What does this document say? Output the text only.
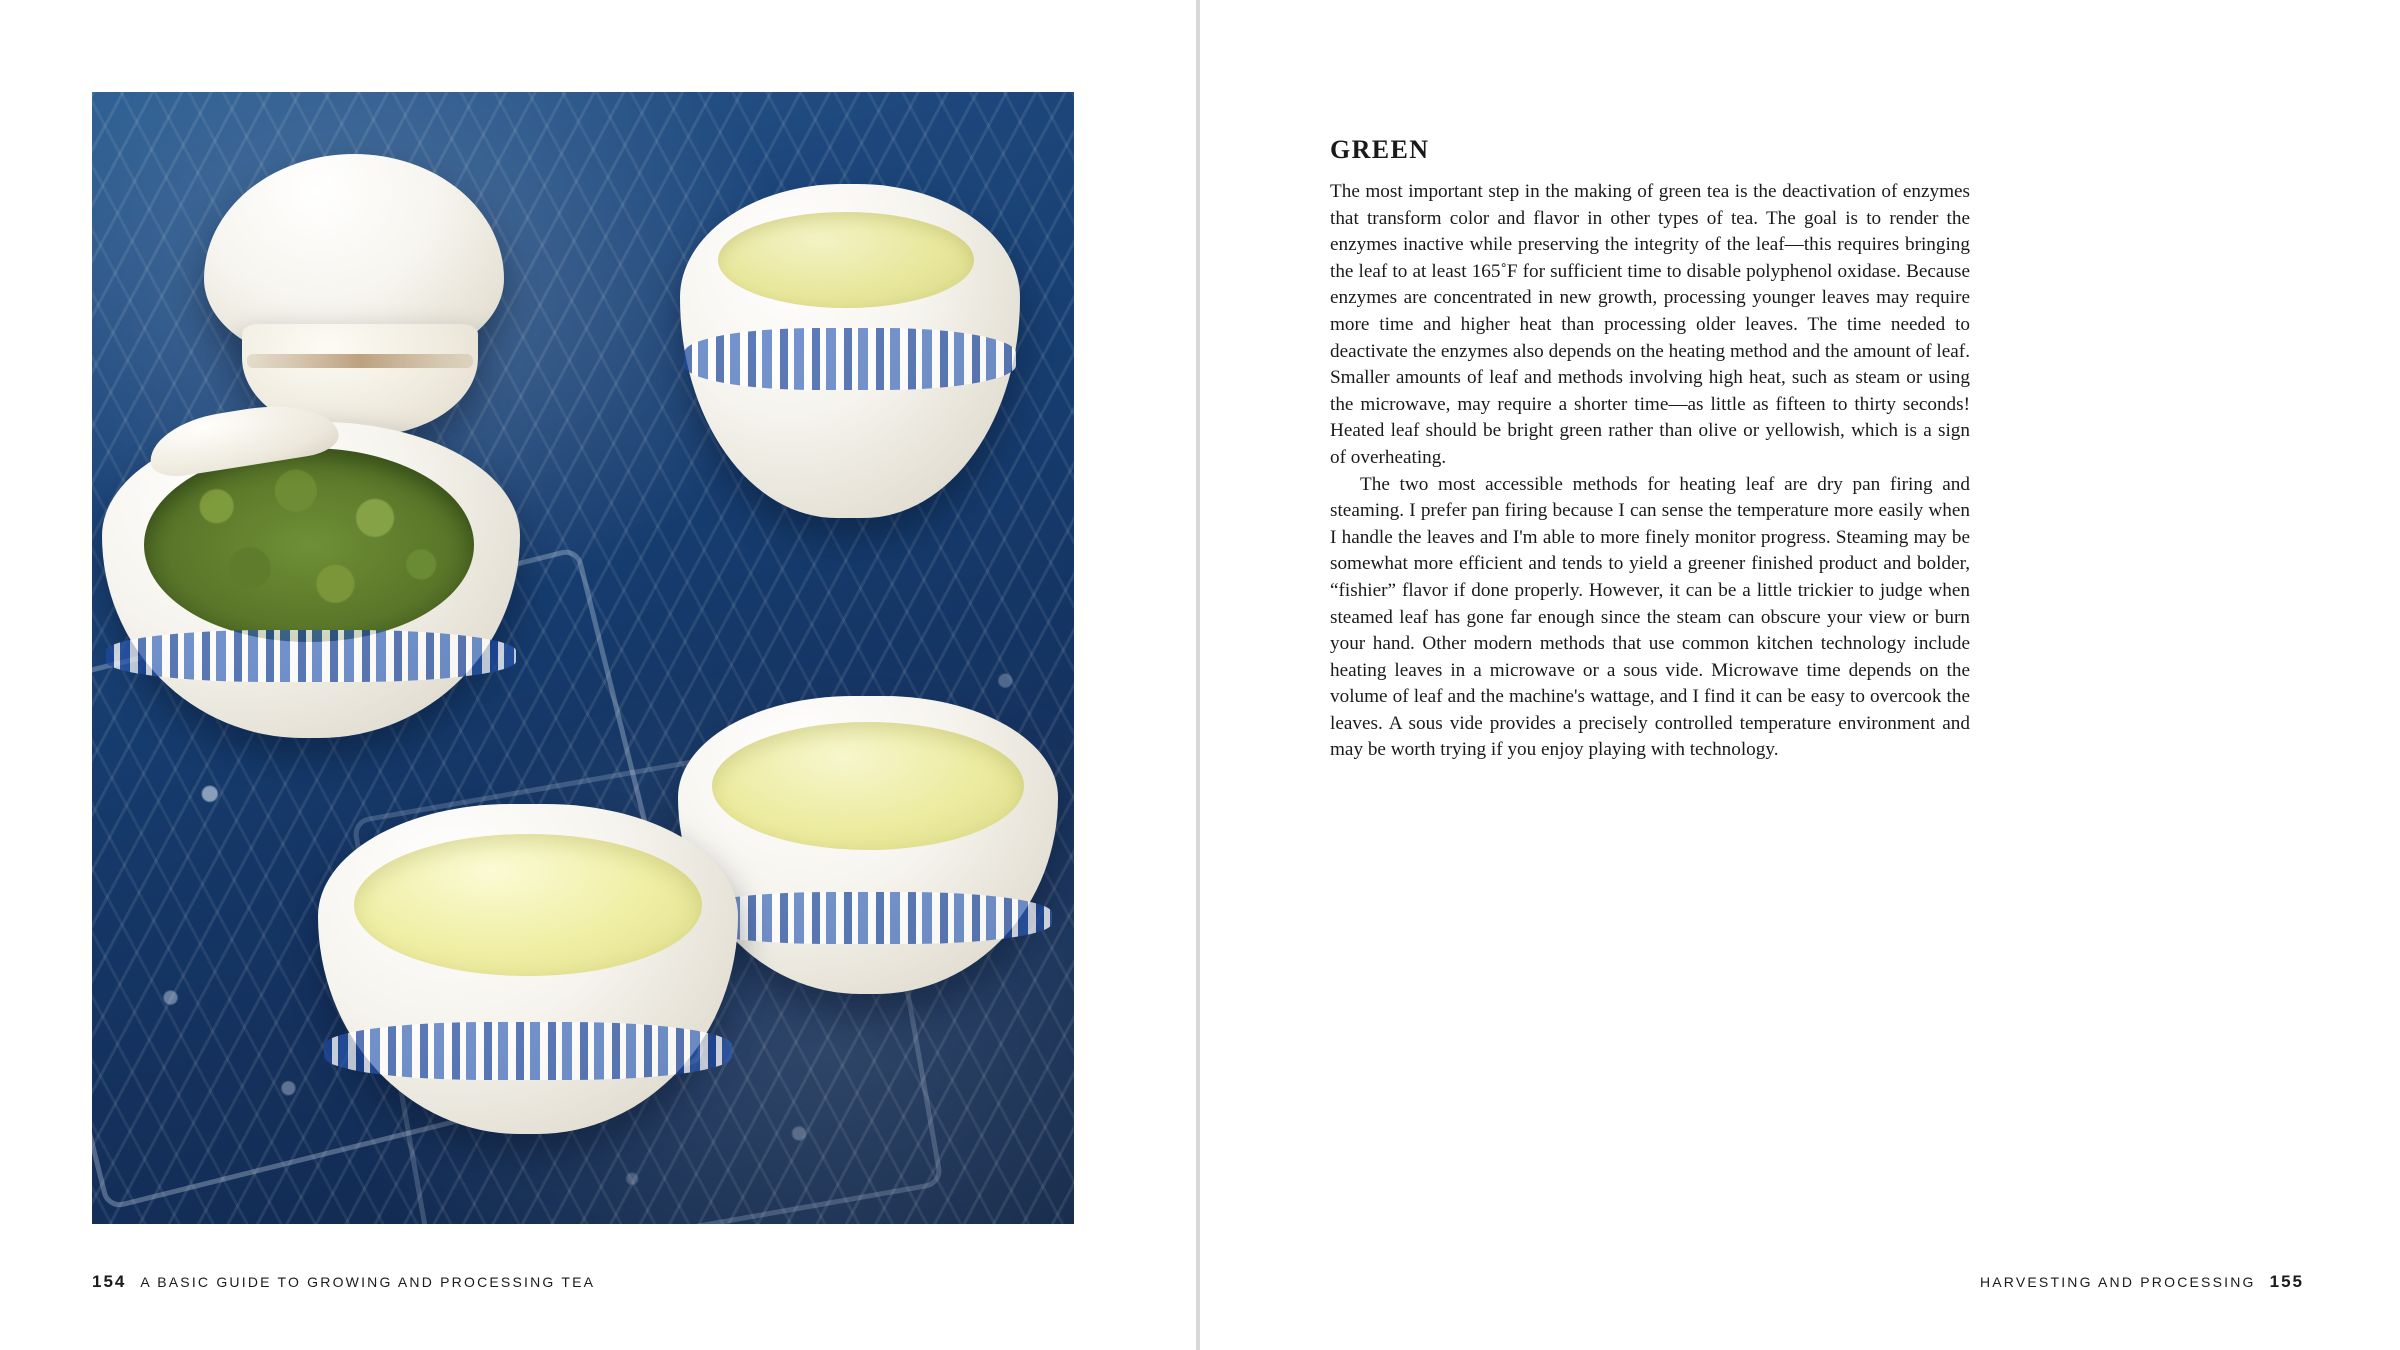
154 A BASIC GUIDE TO GROWING AND PROCESSING TEA
GREEN

The most important step in the making of green tea is the deactivation of enzymes that transform color and flavor in other types of tea. The goal is to render the enzymes inactive while preserving the integrity of the leaf—this requires bringing the leaf to at least 165˚F for sufficient time to disable polyphenol oxidase. Because enzymes are concentrated in new growth, processing younger leaves may require more time and higher heat than processing older leaves. The time needed to deactivate the enzymes also depends on the heating method and the amount of leaf. Smaller amounts of leaf and methods involving high heat, such as steam or using the microwave, may require a shorter time—as little as fifteen to thirty seconds! Heated leaf should be bright green rather than olive or yellowish, which is a sign of overheating.

The two most accessible methods for heating leaf are dry pan firing and steaming. I prefer pan firing because I can sense the temperature more easily when I handle the leaves and I'm able to more finely monitor progress. Steaming may be somewhat more efficient and tends to yield a greener finished product and bolder, “fishier” flavor if done properly. However, it can be a little trickier to judge when steamed leaf has gone far enough since the steam can obscure your view or burn your hand. Other modern methods that use common kitchen technology include heating leaves in a microwave or a sous vide. Microwave time depends on the volume of leaf and the machine's wattage, and I find it can be easy to overcook the leaves. A sous vide provides a precisely controlled temperature environment and may be worth trying if you enjoy playing with technology.

HARVESTING AND PROCESSING 155
